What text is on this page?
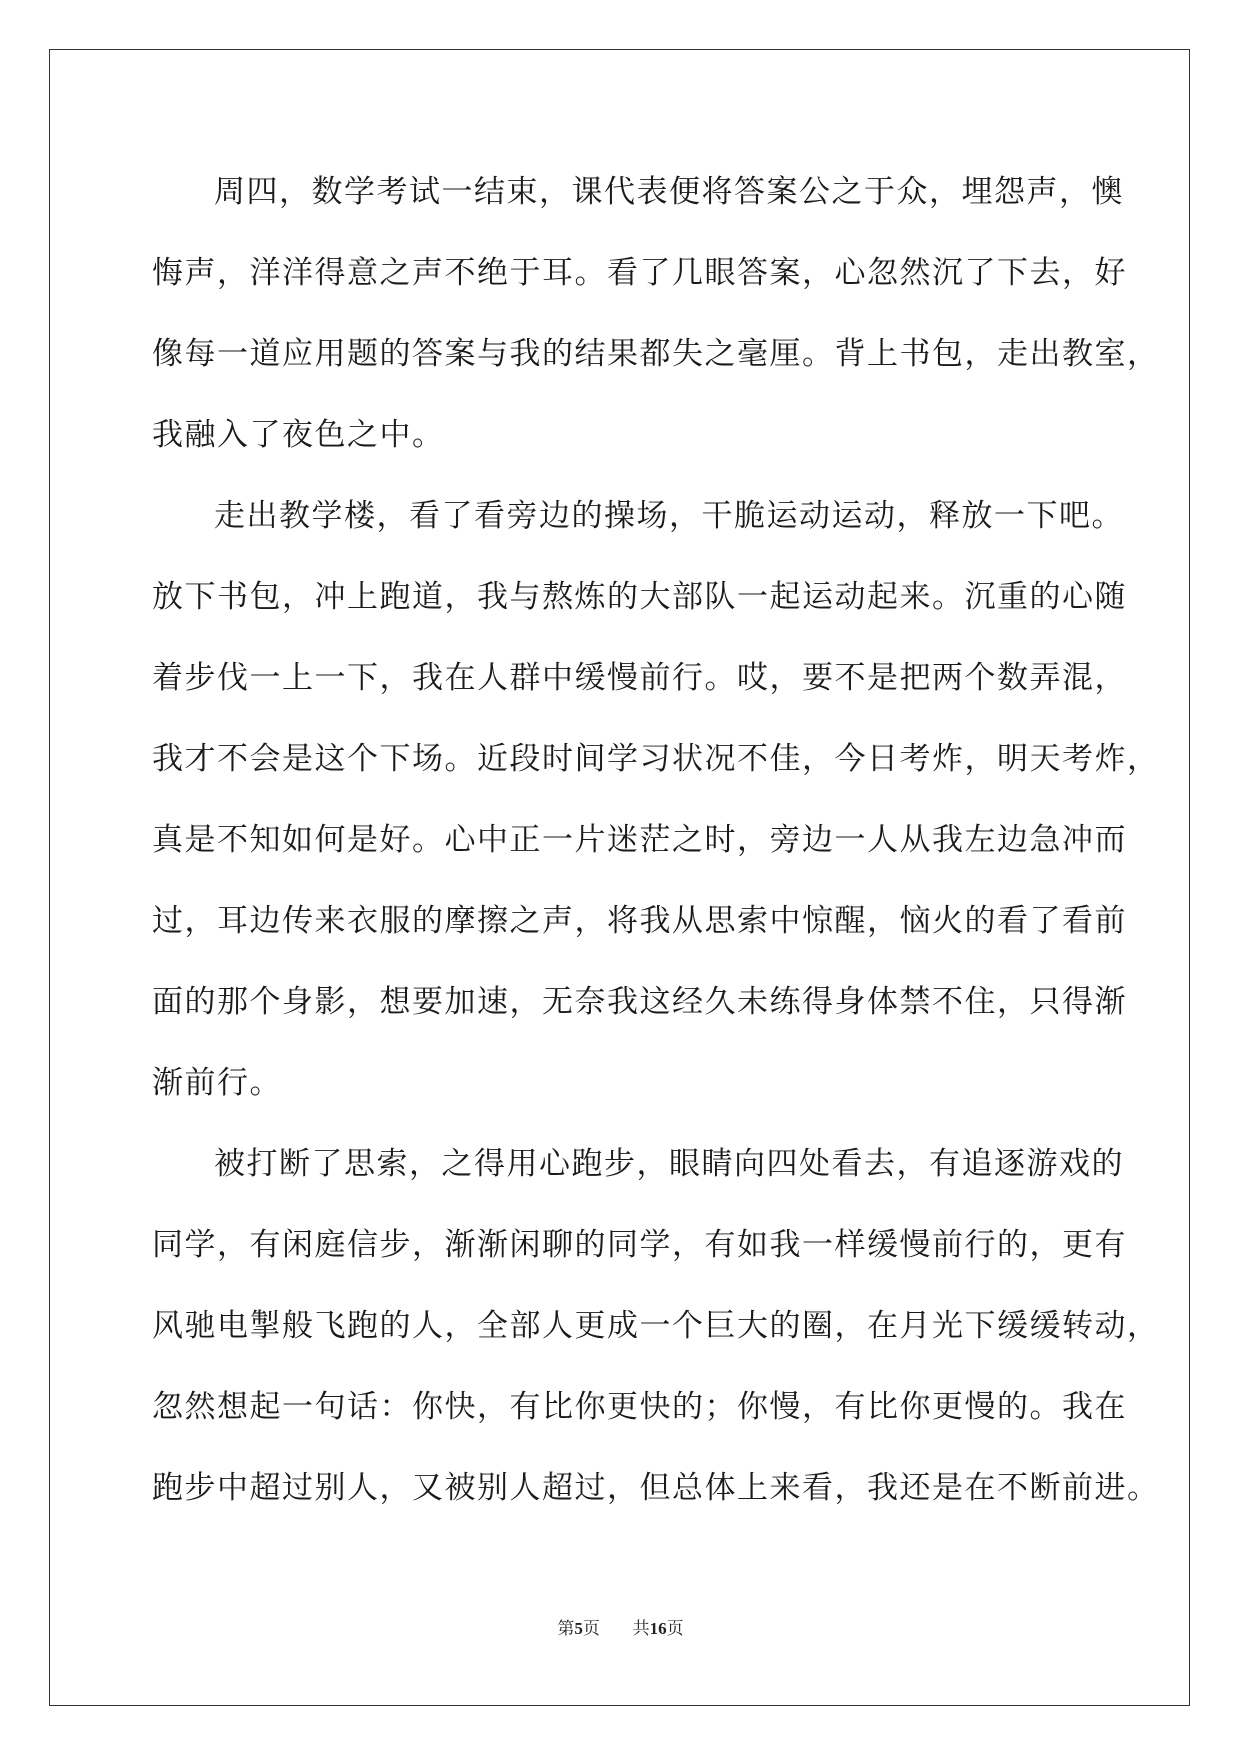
周四，数学考试一结束，课代表便将答案公之于众，埋怨声，懊
悔声，洋洋得意之声不绝于耳。看了几眼答案，心忽然沉了下去，好
像每一道应用题的答案与我的结果都失之毫厘。背上书包，走出教室，
我融入了夜色之中。
走出教学楼，看了看旁边的操场，干脆运动运动，释放一下吧。
放下书包，冲上跑道，我与熬炼的大部队一起运动起来。沉重的心随
着步伐一上一下，我在人群中缓慢前行。哎，要不是把两个数弄混，
我才不会是这个下场。近段时间学习状况不佳，今日考炸，明天考炸，
真是不知如何是好。心中正一片迷茫之时，旁边一人从我左边急冲而
过，耳边传来衣服的摩擦之声，将我从思索中惊醒，恼火的看了看前
面的那个身影，想要加速，无奈我这经久未练得身体禁不住，只得渐
渐前行。
被打断了思索，之得用心跑步，眼睛向四处看去，有追逐游戏的
同学，有闲庭信步，渐渐闲聊的同学，有如我一样缓慢前行的，更有
风驰电掣般飞跑的人，全部人更成一个巨大的圈，在月光下缓缓转动，
忽然想起一句话：你快，有比你更快的；你慢，有比你更慢的。我在
跑步中超过别人，又被别人超过，但总体上来看，我还是在不断前进。
第5页 共16页
